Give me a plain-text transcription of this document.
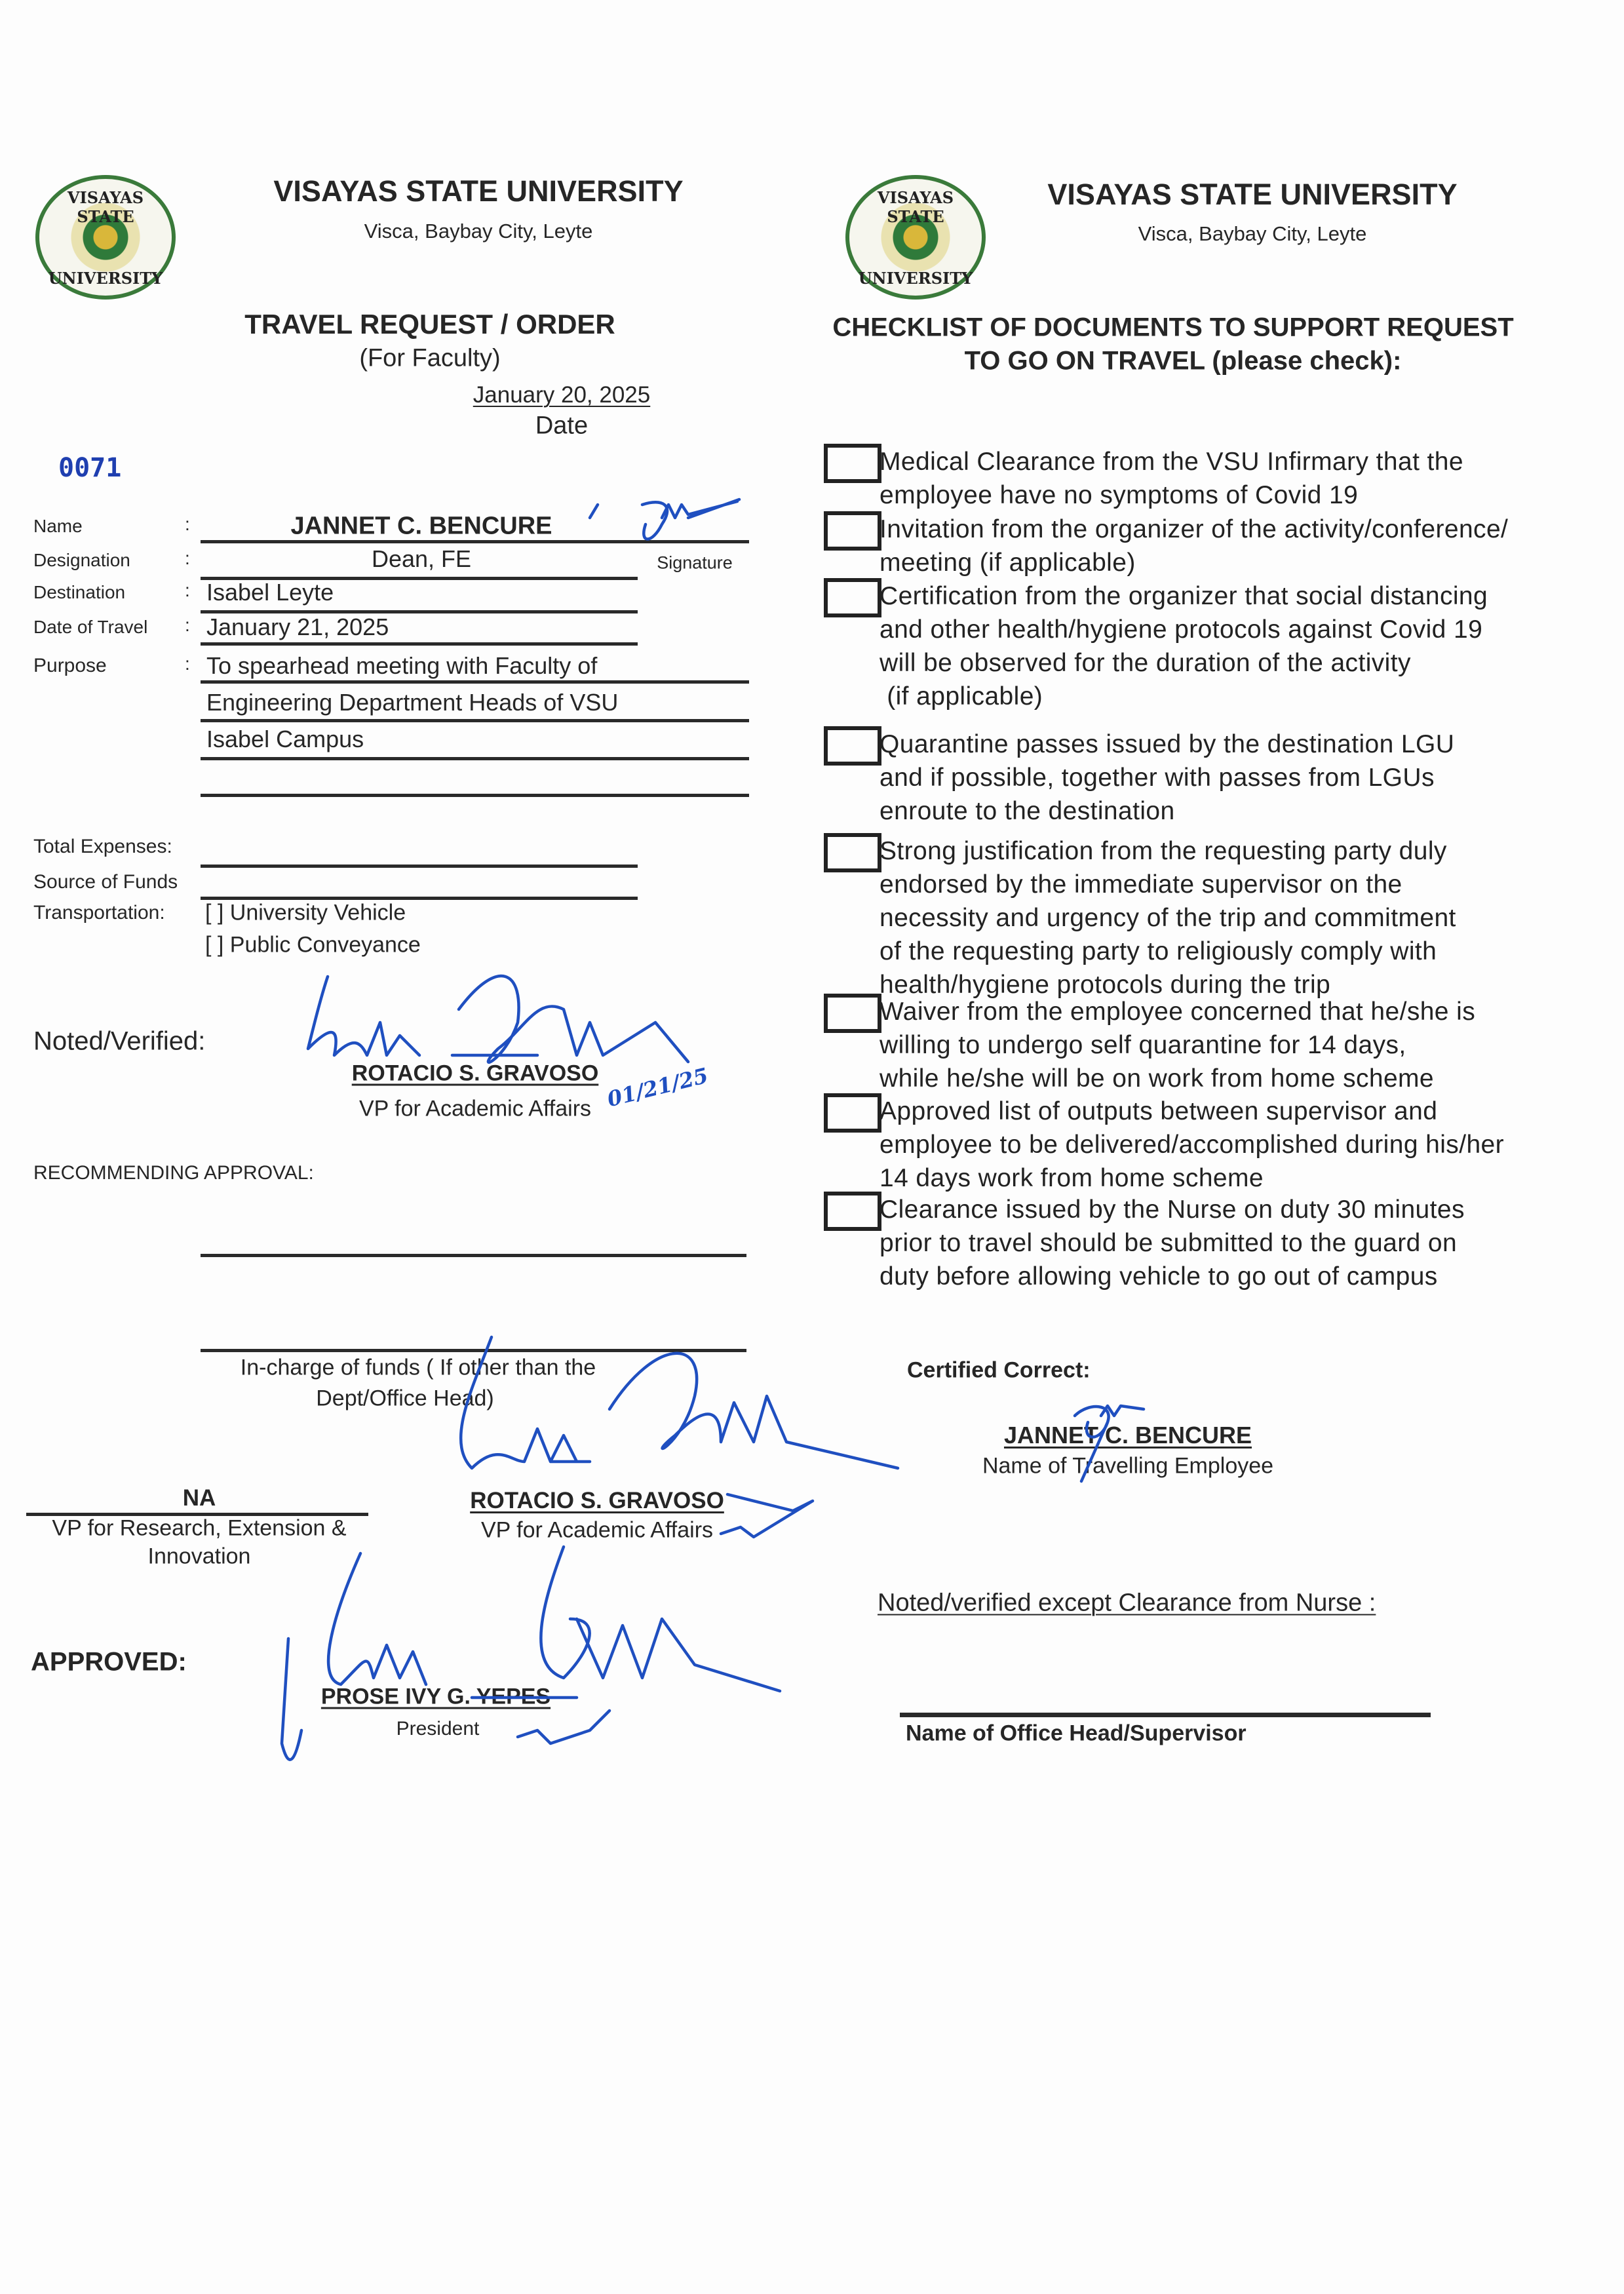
VISAYAS STATE
UNIVERSITY
VISAYAS STATE UNIVERSITY
Visca, Baybay City, Leyte
TRAVEL REQUEST / ORDER
(For Faculty)
January 20, 2025
Date
0071
Name	:	JANNET C. BENCURE
Signature
Designation	:	Dean, FE
Destination	: Isabel Leyte
Date of Travel : January 21, 2025
Purpose	: To spearhead meeting with Faculty of
Engineering Department Heads of VSU
Isabel Campus
Total Expenses:
Source of Funds
Transportation: [ ] University Vehicle
[ ] Public Conveyance
Noted/Verified:
ROTACIO S. GRAVOSO
VP for Academic Affairs 01/21/25
RECOMMENDING APPROVAL:
In-charge of funds ( If other than the
Dept/Office Head)
NA
VP for Research, Extension &
Innovation
ROTACIO S. GRAVOSO
VP for Academic Affairs
APPROVED:
PROSE IVY G. YEPES
President
VISAYAS STATE
UNIVERSITY
VISAYAS STATE UNIVERSITY
Visca, Baybay City, Leyte
CHECKLIST OF DOCUMENTS TO SUPPORT REQUEST
TO GO ON TRAVEL (please check):
Medical Clearance from the VSU Infirmary that the
employee have no symptoms of Covid 19
Invitation from the organizer of the activity/conference/
meeting (if applicable)
Certification from the organizer that social distancing
and other health/hygiene protocols against Covid 19
will be observed for the duration of the activity
(if applicable)
Quarantine passes issued by the destination LGU
and if possible, together with passes from LGUs
enroute to the destination
Strong justification from the requesting party duly
endorsed by the immediate supervisor on the
necessity and urgency of the trip and commitment
of the requesting party to religiously comply with
health/hygiene protocols during the trip
Waiver from the employee concerned that he/she is
willing to undergo self quarantine for 14 days,
while he/she will be on work from home scheme
Approved list of outputs between supervisor and
employee to be delivered/accomplished during his/her
14 days work from home scheme
Clearance issued by the Nurse on duty 30 minutes
prior to travel should be submitted to the guard on
duty before allowing vehicle to go out of campus
Certified Correct:
JANNET C. BENCURE
Name of Travelling Employee
Noted/verified except Clearance from Nurse :
Name of Office Head/Supervisor
